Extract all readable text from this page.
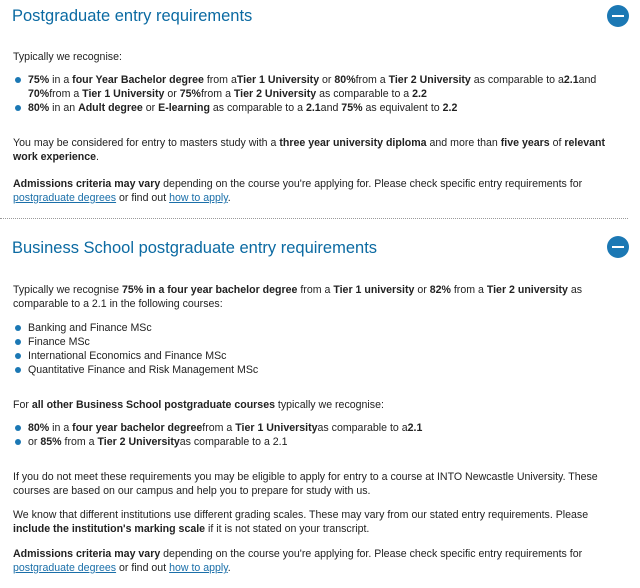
Postgraduate entry requirements

Typically we recognise:

75% in a four Year Bachelor degree from aTier 1 University or 80%from a Tier 2 University as comparable to a2.1and 70%from a Tier 1 University or 75%from a Tier 2 University as comparable to a 2.2
80% in an Adult degree or E-learning as comparable to a 2.1and 75% as equivalent to 2.2

You may be considered for entry to masters study with a three year university diploma and more than five years of relevant work experience.

Admissions criteria may vary depending on the course you're applying for. Please check specific entry requirements for postgraduate degrees or find out how to apply.

Business School postgraduate entry requirements

Typically we recognise 75% in a four year bachelor degree from a Tier 1 university or 82% from a Tier 2 university as comparable to a 2.1 in the following courses:

Banking and Finance MSc
Finance MSc
International Economics and Finance MSc
Quantitative Finance and Risk Management MSc

For all other Business School postgraduate courses typically we recognise:

80% in a four year bachelor degreefrom a Tier 1 Universityas comparable to a2.1
or 85% from a Tier 2 Universityas comparable to a 2.1

If you do not meet these requirements you may be eligible to apply for entry to a course at INTO Newcastle University. These courses are based on our campus and help you to prepare for study with us.

We know that different institutions use different grading scales. These may vary from our stated entry requirements. Please include the institution's marking scale if it is not stated on your transcript.

Admissions criteria may vary depending on the course you're applying for. Please check specific entry requirements for postgraduate degrees or find out how to apply.
